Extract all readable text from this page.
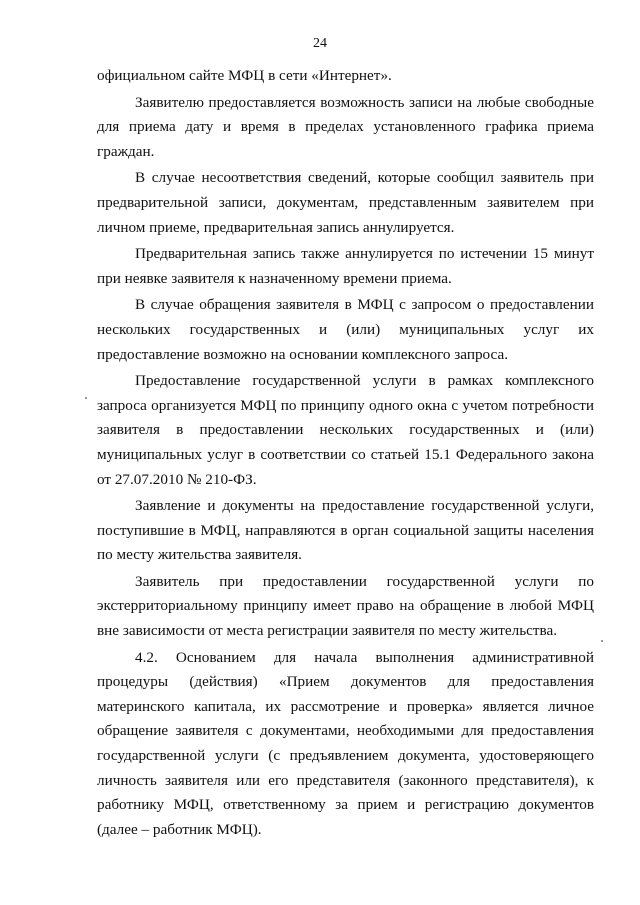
24

официальном сайте МФЦ в сети «Интернет».

Заявителю предоставляется возможность записи на любые свободные для приема дату и время в пределах установленного графика приема граждан.

В случае несоответствия сведений, которые сообщил заявитель при предварительной записи, документам, представленным заявителем при личном приеме, предварительная запись аннулируется.

Предварительная запись также аннулируется по истечении 15 минут при неявке заявителя к назначенному времени приема.

В случае обращения заявителя в МФЦ с запросом о предоставлении нескольких государственных и (или) муниципальных услуг их предоставление возможно на основании комплексного запроса.

Предоставление государственной услуги в рамках комплексного запроса организуется МФЦ по принципу одного окна с учетом потребности заявителя в предоставлении нескольких государственных и (или) муниципальных услуг в соответствии со статьей 15.1 Федерального закона от 27.07.2010 № 210-ФЗ.

Заявление и документы на предоставление государственной услуги, поступившие в МФЦ, направляются в орган социальной защиты населения по месту жительства заявителя.

Заявитель при предоставлении государственной услуги по экстерриториальному принципу имеет право на обращение в любой МФЦ вне зависимости от места регистрации заявителя по месту жительства.

4.2. Основанием для начала выполнения административной процедуры (действия) «Прием документов для предоставления материнского капитала, их рассмотрение и проверка» является личное обращение заявителя с документами, необходимыми для предоставления государственной услуги (с предъявлением документа, удостоверяющего личность заявителя или его представителя (законного представителя), к работнику МФЦ, ответственному за прием и регистрацию документов (далее – работник МФЦ).
